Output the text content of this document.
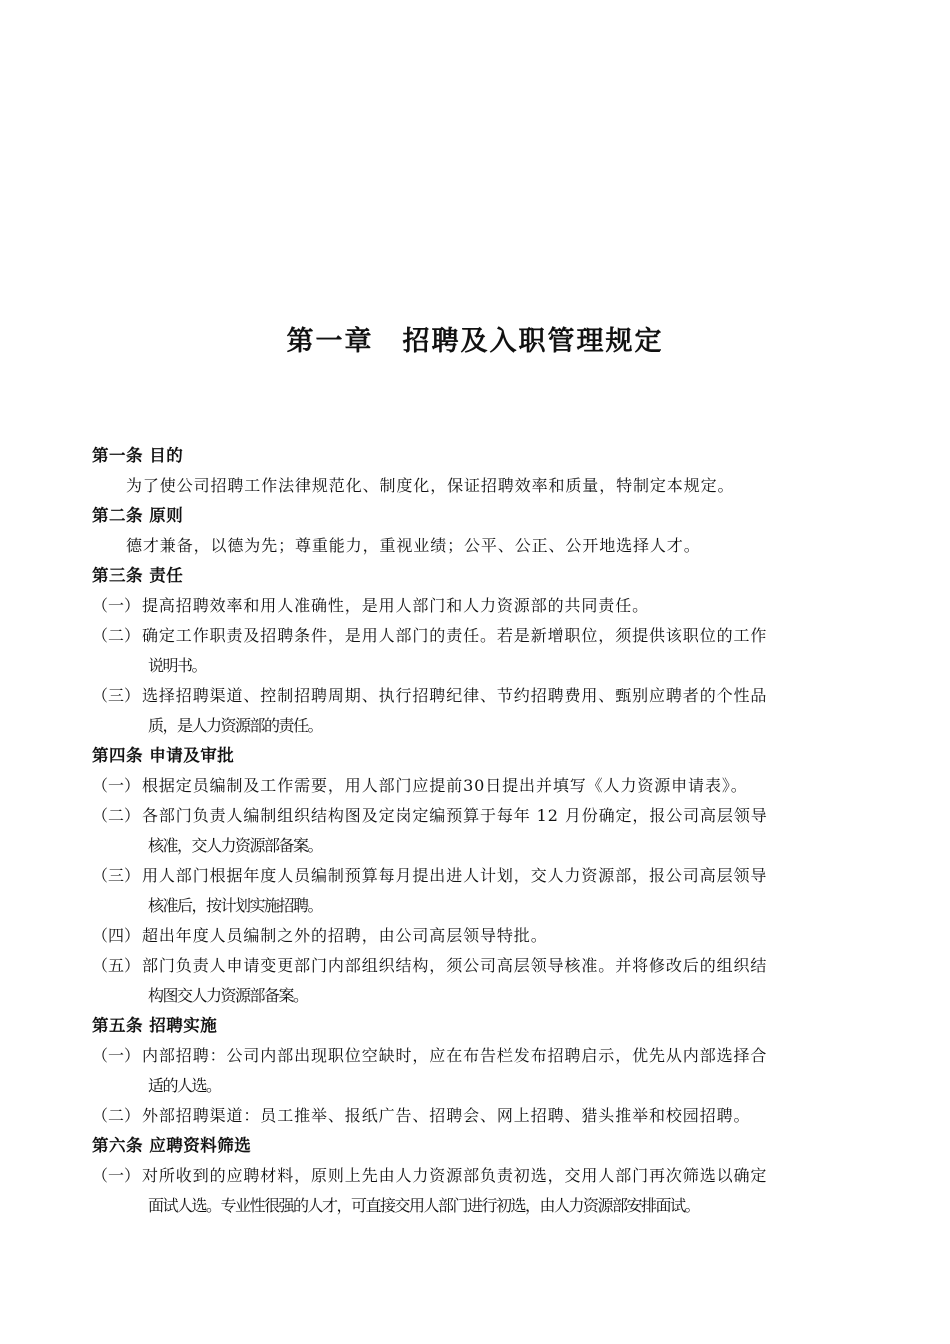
第一章　招聘及入职管理规定
第一条 目的
为了使公司招聘工作法律规范化、制度化，保证招聘效率和质量，特制定本规定。
第二条 原则
德才兼备，以德为先；尊重能力，重视业绩；公平、公正、公开地选择人才。
第三条 责任
（一） 提高招聘效率和用人准确性，是用人部门和人力资源部的共同责任。
（二） 确定工作职责及招聘条件，是用人部门的责任。若是新增职位，须提供该职位的工作
说明书。
（三） 选择招聘渠道、控制招聘周期、执行招聘纪律、节约招聘费用、甄别应聘者的个性品
质，是人力资源部的责任。
第四条 申请及审批
（一） 根据定员编制及工作需要，用人部门应提前30日提出并填写《人力资源申请表》。
（二） 各部门负责人编制组织结构图及定岗定编预算于每年 12 月份确定，报公司高层领导
核准，交人力资源部备案。
（三） 用人部门根据年度人员编制预算每月提出进人计划，交人力资源部，报公司高层领导
核准后，按计划实施招聘。
（四） 超出年度人员编制之外的招聘，由公司高层领导特批。
（五） 部门负责人申请变更部门内部组织结构，须公司高层领导核准。并将修改后的组织结
构图交人力资源部备案。
第五条 招聘实施
（一） 内部招聘：公司内部出现职位空缺时，应在布告栏发布招聘启示，优先从内部选择合
适的人选。
（二） 外部招聘渠道：员工推举、报纸广告、招聘会、网上招聘、猎头推举和校园招聘。
第六条 应聘资料筛选
（一） 对所收到的应聘材料，原则上先由人力资源部负责初选，交用人部门再次筛选以确定
面试人选。专业性很强的人才，可直接交用人部门进行初选，由人力资源部安排面试。
